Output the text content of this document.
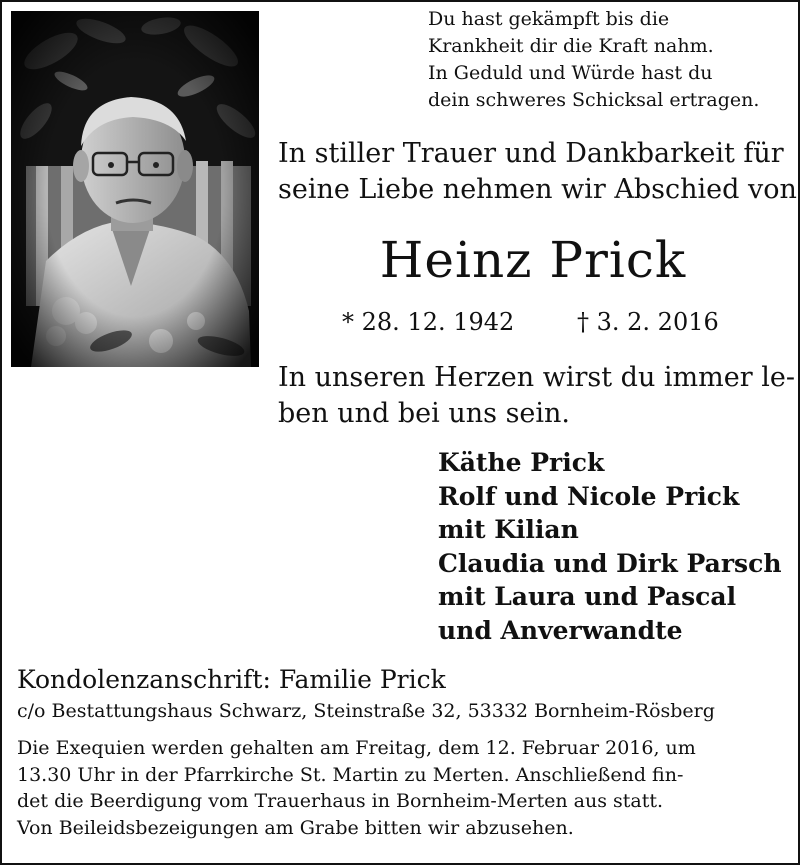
Du hast gekämpft bis die
Krankheit dir die Kraft nahm.
In Geduld und Würde hast du
dein schweres Schicksal ertragen.
In stiller Trauer und Dankbarkeit für
seine Liebe nehmen wir Abschied von
Heinz Prick
* 28. 12. 1942	† 3. 2. 2016
In unseren Herzen wirst du immer le-
ben und bei uns sein.
Käthe Prick
Rolf und Nicole Prick
mit Kilian
Claudia und Dirk Parsch
mit Laura und Pascal
und Anverwandte
Kondolenzanschrift: Familie Prick
c/o Bestattungshaus Schwarz, Steinstraße 32, 53332 Bornheim-Rösberg
Die Exequien werden gehalten am Freitag, dem 12. Februar 2016, um
13.30 Uhr in der Pfarrkirche St. Martin zu Merten. Anschließend fin-
det die Beerdigung vom Trauerhaus in Bornheim-Merten aus statt.
Von Beileidsbezeigungen am Grabe bitten wir abzusehen.
